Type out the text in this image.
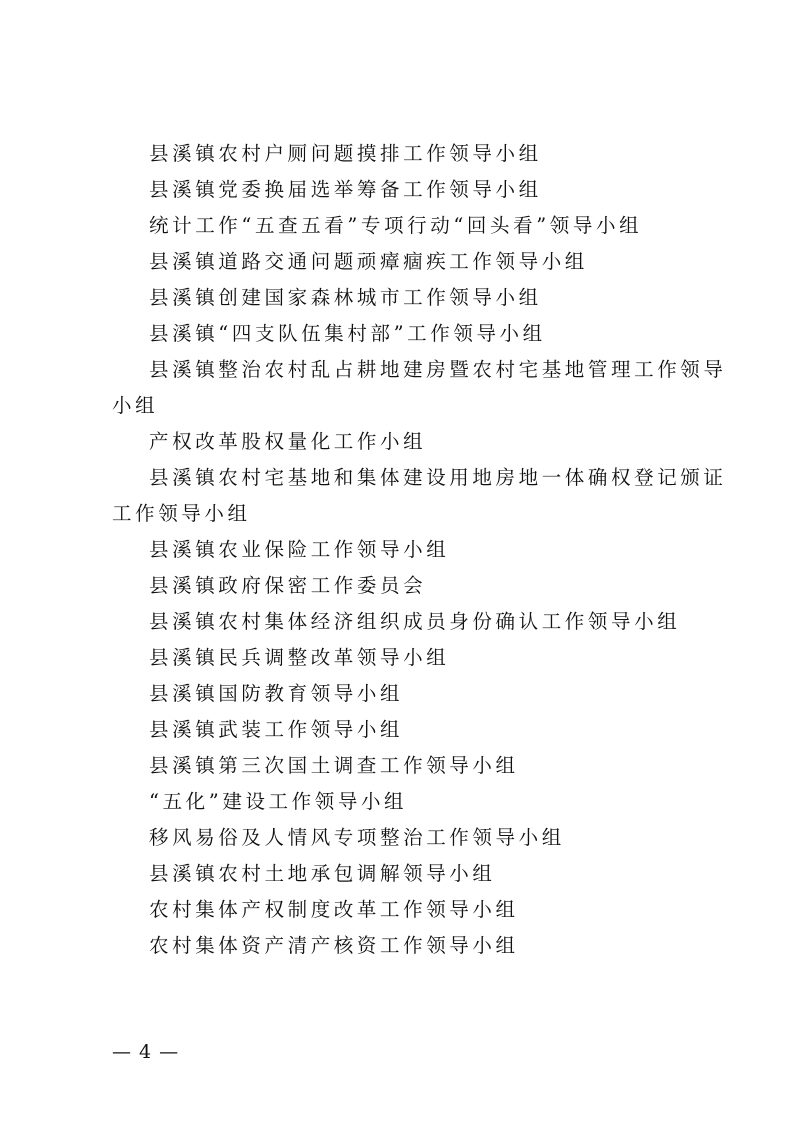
县溪镇农村户厕问题摸排工作领导小组
县溪镇党委换届选举筹备工作领导小组
统计工作“五查五看”专项行动“回头看”领导小组
县溪镇道路交通问题顽瘴痼疾工作领导小组
县溪镇创建国家森林城市工作领导小组
县溪镇“四支队伍集村部”工作领导小组
县溪镇整治农村乱占耕地建房暨农村宅基地管理工作领导
小组
产权改革股权量化工作小组
县溪镇农村宅基地和集体建设用地房地一体确权登记颁证
工作领导小组
县溪镇农业保险工作领导小组
县溪镇政府保密工作委员会
县溪镇农村集体经济组织成员身份确认工作领导小组
县溪镇民兵调整改革领导小组
县溪镇国防教育领导小组
县溪镇武装工作领导小组
县溪镇第三次国土调查工作领导小组
“五化”建设工作领导小组
移风易俗及人情风专项整治工作领导小组
县溪镇农村土地承包调解领导小组
农村集体产权制度改革工作领导小组
农村集体资产清产核资工作领导小组
— 4 —
